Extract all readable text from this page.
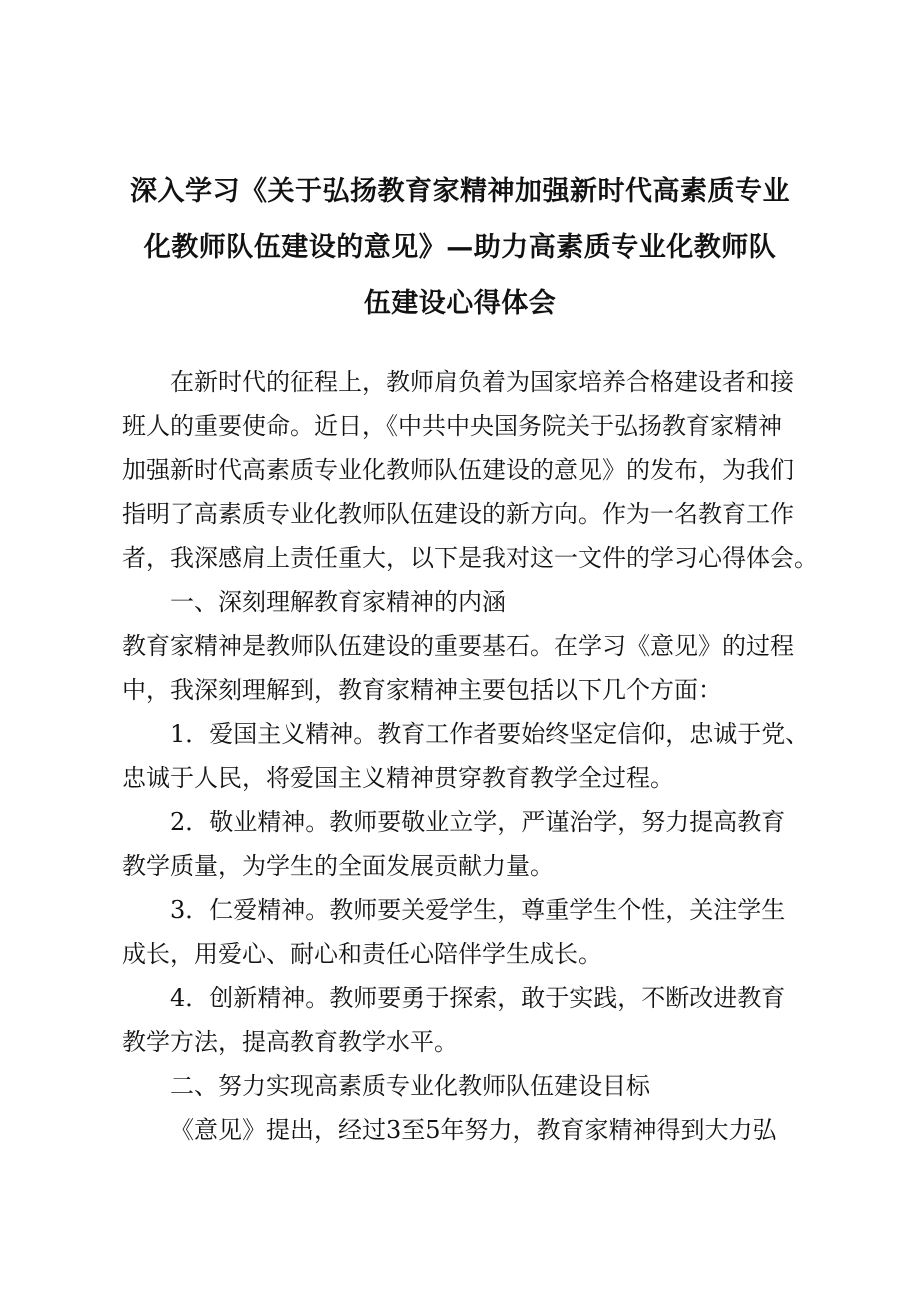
深入学习《关于弘扬教育家精神加强新时代高素质专业
化教师队伍建设的意见》—助力高素质专业化教师队
伍建设心得体会
在新时代的征程上，教师肩负着为国家培养合格建设者和接
班人的重要使命。近日，《中共中央国务院关于弘扬教育家精神
加强新时代高素质专业化教师队伍建设的意见》的发布，为我们
指明了高素质专业化教师队伍建设的新方向。作为一名教育工作
者，我深感肩上责任重大，以下是我对这一文件的学习心得体会。
一、深刻理解教育家精神的内涵
教育家精神是教师队伍建设的重要基石。在学习《意见》的过程
中，我深刻理解到，教育家精神主要包括以下几个方面：
1．爱国主义精神。教育工作者要始终坚定信仰，忠诚于党、
忠诚于人民，将爱国主义精神贯穿教育教学全过程。
2．敬业精神。教师要敬业立学，严谨治学，努力提高教育
教学质量，为学生的全面发展贡献力量。
3．仁爱精神。教师要关爱学生，尊重学生个性，关注学生
成长，用爱心、耐心和责任心陪伴学生成长。
4．创新精神。教师要勇于探索，敢于实践，不断改进教育
教学方法，提高教育教学水平。
二、努力实现高素质专业化教师队伍建设目标
《意见》提出，经过3至5年努力，教育家精神得到大力弘
